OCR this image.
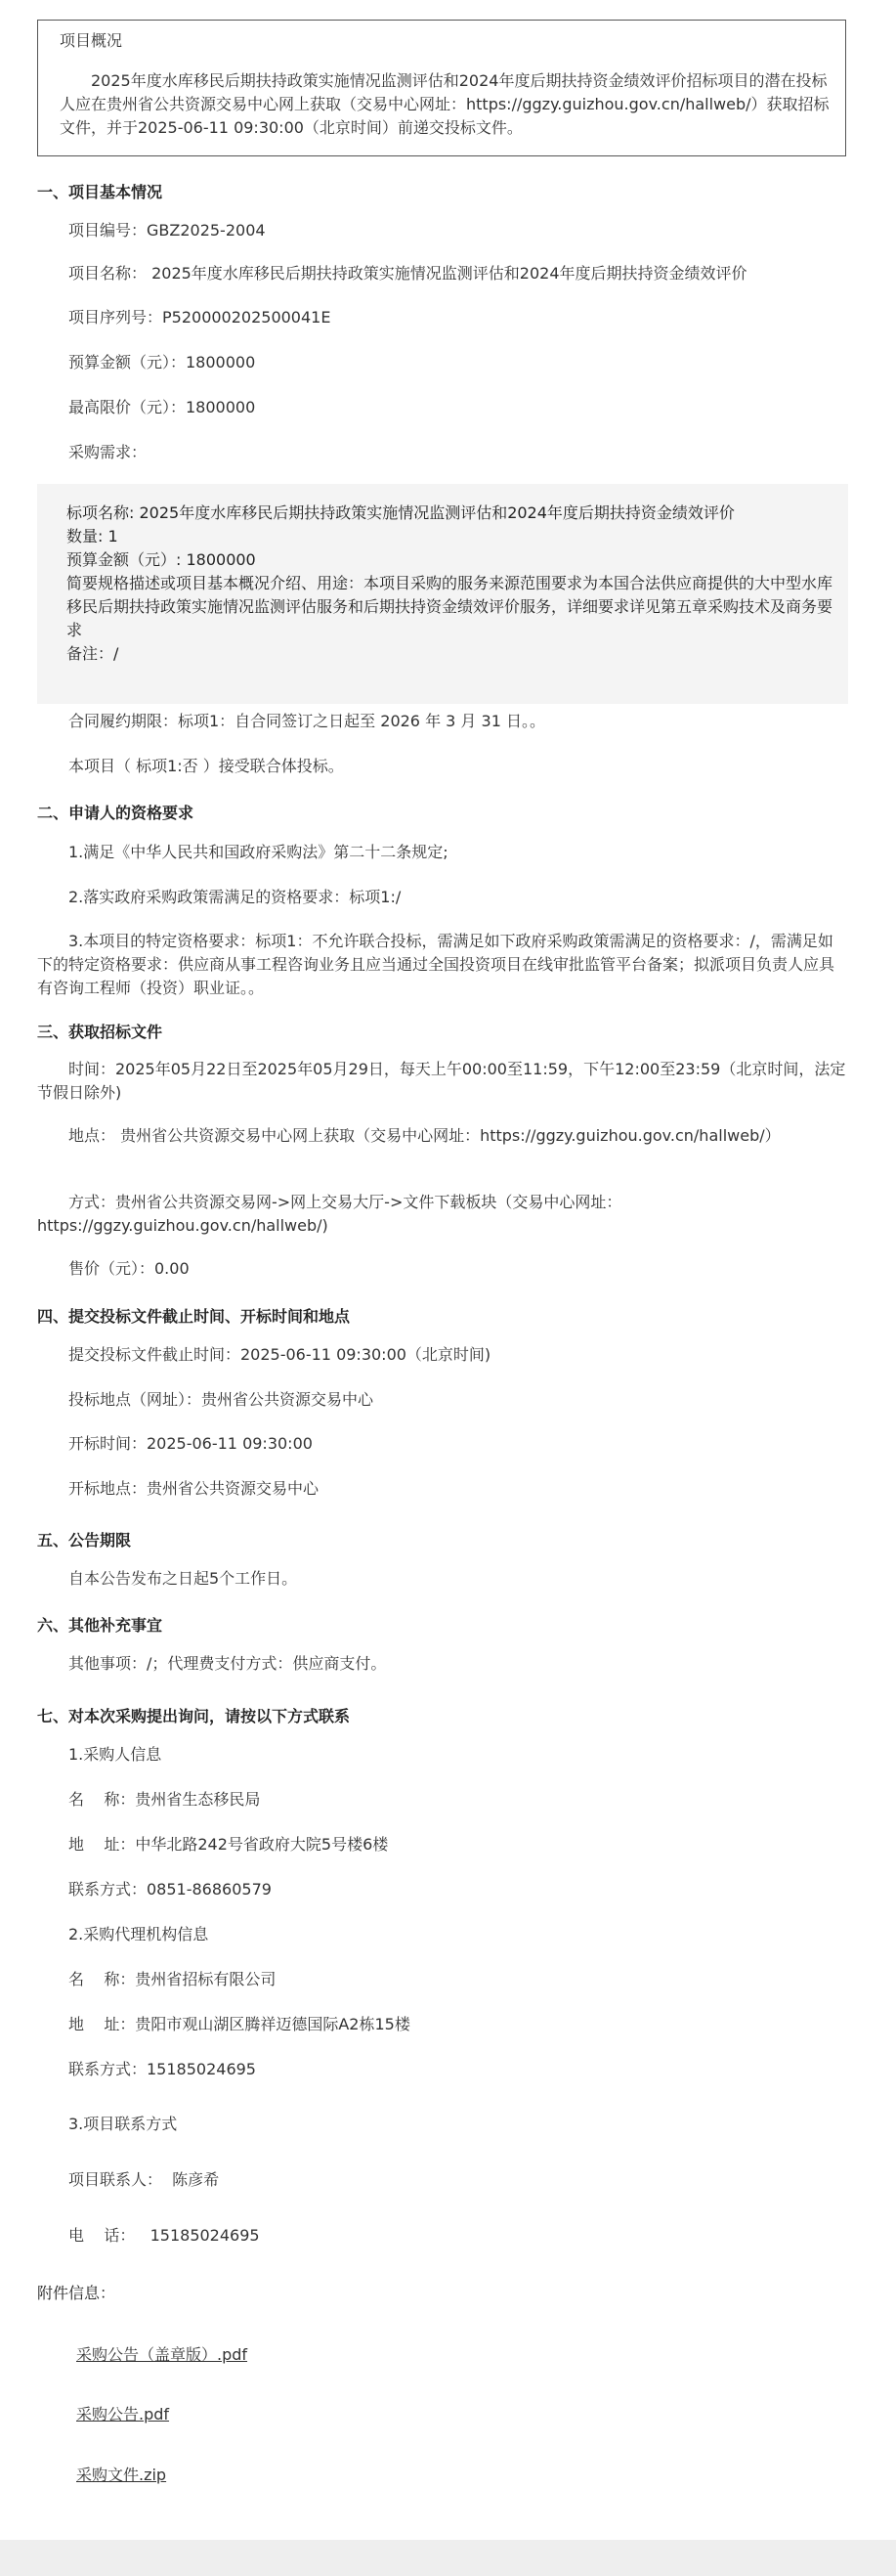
项目概况
2025年度水库移民后期扶持政策实施情况监测评估和2024年度后期扶持资金绩效评价招标项目的潜在投标人应在贵州省公共资源交易中心网上获取（交易中心网址：https://ggzy.guizhou.gov.cn/hallweb/）获取招标文件，并于2025-06-11 09:30:00（北京时间）前递交投标文件。
一、项目基本情况
项目编号：GBZ2025-2004
项目名称： 2025年度水库移民后期扶持政策实施情况监测评估和2024年度后期扶持资金绩效评价
项目序列号：P520000202500041E
预算金额（元）：1800000
最高限价（元）：1800000
采购需求：
标项名称: 2025年度水库移民后期扶持政策实施情况监测评估和2024年度后期扶持资金绩效评价
数量: 1
预算金额（元）: 1800000
简要规格描述或项目基本概况介绍、用途：本项目采购的服务来源范围要求为本国合法供应商提供的大中型水库移民后期扶持政策实施情况监测评估服务和后期扶持资金绩效评价服务，详细要求详见第五章采购技术及商务要求
备注：/
合同履约期限：标项1：自合同签订之日起至 2026 年 3 月 31 日。。
本项目（ 标项1:否 ）接受联合体投标。
二、申请人的资格要求
1.满足《中华人民共和国政府采购法》第二十二条规定;
2.落实政府采购政策需满足的资格要求：标项1:/
3.本项目的特定资格要求：标项1：不允许联合投标，需满足如下政府采购政策需满足的资格要求：/，需满足如下的特定资格要求：供应商从事工程咨询业务且应当通过全国投资项目在线审批监管平台备案；拟派项目负责人应具有咨询工程师（投资）职业证。。
三、获取招标文件
时间：2025年05月22日至2025年05月29日，每天上午00:00至11:59，下午12:00至23:59（北京时间，法定节假日除外)
地点： 贵州省公共资源交易中心网上获取（交易中心网址：https://ggzy.guizhou.gov.cn/hallweb/）
方式：贵州省公共资源交易网->网上交易大厅->文件下载板块（交易中心网址：https://ggzy.guizhou.gov.cn/hallweb/)
售价（元）：0.00
四、提交投标文件截止时间、开标时间和地点
提交投标文件截止时间：2025-06-11 09:30:00（北京时间)
投标地点（网址）：贵州省公共资源交易中心
开标时间：2025-06-11 09:30:00
开标地点：贵州省公共资源交易中心
五、公告期限
自本公告发布之日起5个工作日。
六、其他补充事宜
其他事项：/；代理费支付方式：供应商支付。
七、对本次采购提出询问，请按以下方式联系
1.采购人信息
名    称：贵州省生态移民局
地    址：中华北路242号省政府大院5号楼6楼
联系方式：0851-86860579
2.采购代理机构信息
名    称：贵州省招标有限公司
地    址：贵阳市观山湖区腾祥迈德国际A2栋15楼
联系方式：15185024695
3.项目联系方式
项目联系人：  陈彦希
电    话：   15185024695
附件信息：
采购公告（盖章版）.pdf
采购公告.pdf
采购文件.zip
